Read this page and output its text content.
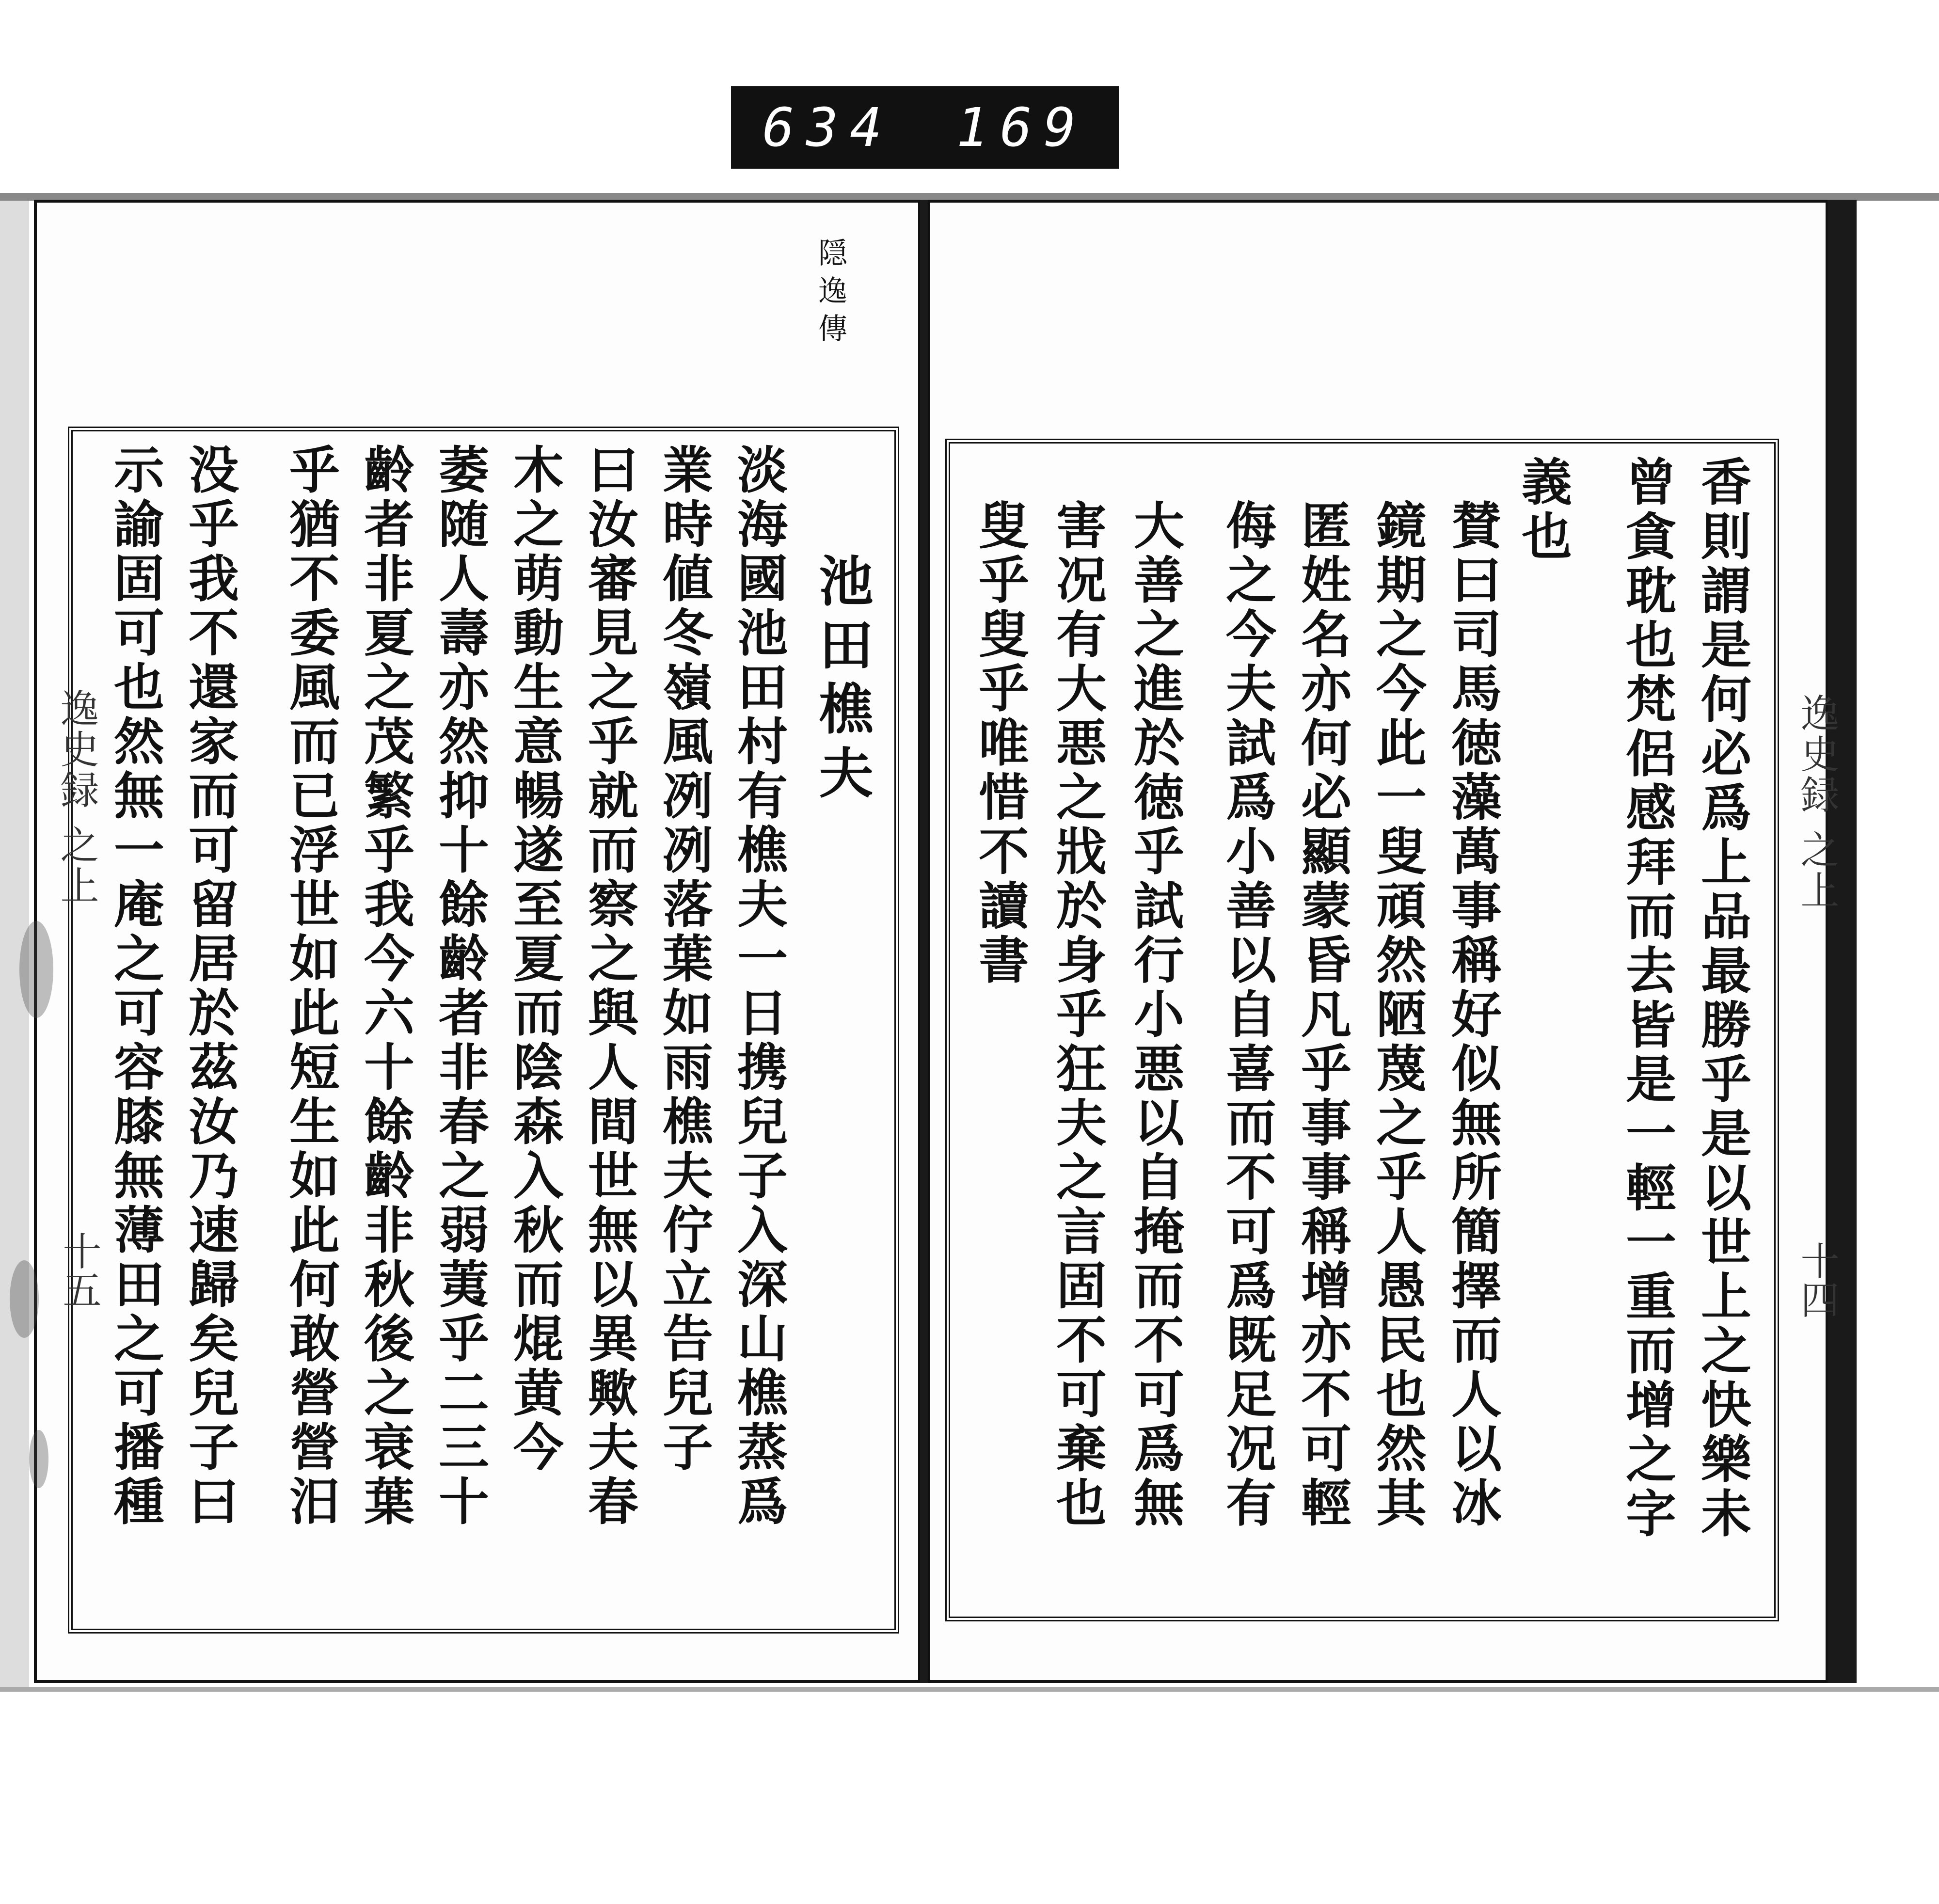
634 169
隠逸傳
池田樵夫
淡海國池田村有樵夫一日携兒子入深山樵蒸爲
業時値冬嶺風冽冽落葉如雨樵夫佇立告兒子
曰汝審見之乎就而察之與人間世無以異歟夫春
木之萌動生意暢遂至夏而陰森入秋而焜黄今
萎随人壽亦然抑十餘齡者非春之弱荑乎二三十
齡者非夏之茂繁乎我今六十餘齡非秋後之衰葉
乎猶不委風而已浮世如此短生如此何敢營營汨
没乎我不還家而可留居於茲汝乃速歸矣兒子曰
示諭固可也然無一庵之可容膝無薄田之可播種
逸史録 之上
十五	香則謂是何必爲上品最勝乎是以世上之快樂未
曾貪耽也梵侶感拜而去皆是一輕一重而增之字
義也
賛曰司馬徳藻萬事稱好似無所簡擇而人以冰
鏡期之今此一叟頑然陋蔑之乎人愚民也然其
匿姓名亦何必顯蒙昏凡乎事事稱增亦不可輕
侮之今夫試爲小善以自喜而不可爲既足况有
大善之進於徳乎試行小悪以自掩而不可爲無
害况有大悪之戕於身乎狂夫之言固不可棄也
叟乎叟乎唯惜不讀書	逸史録 之上
十四
